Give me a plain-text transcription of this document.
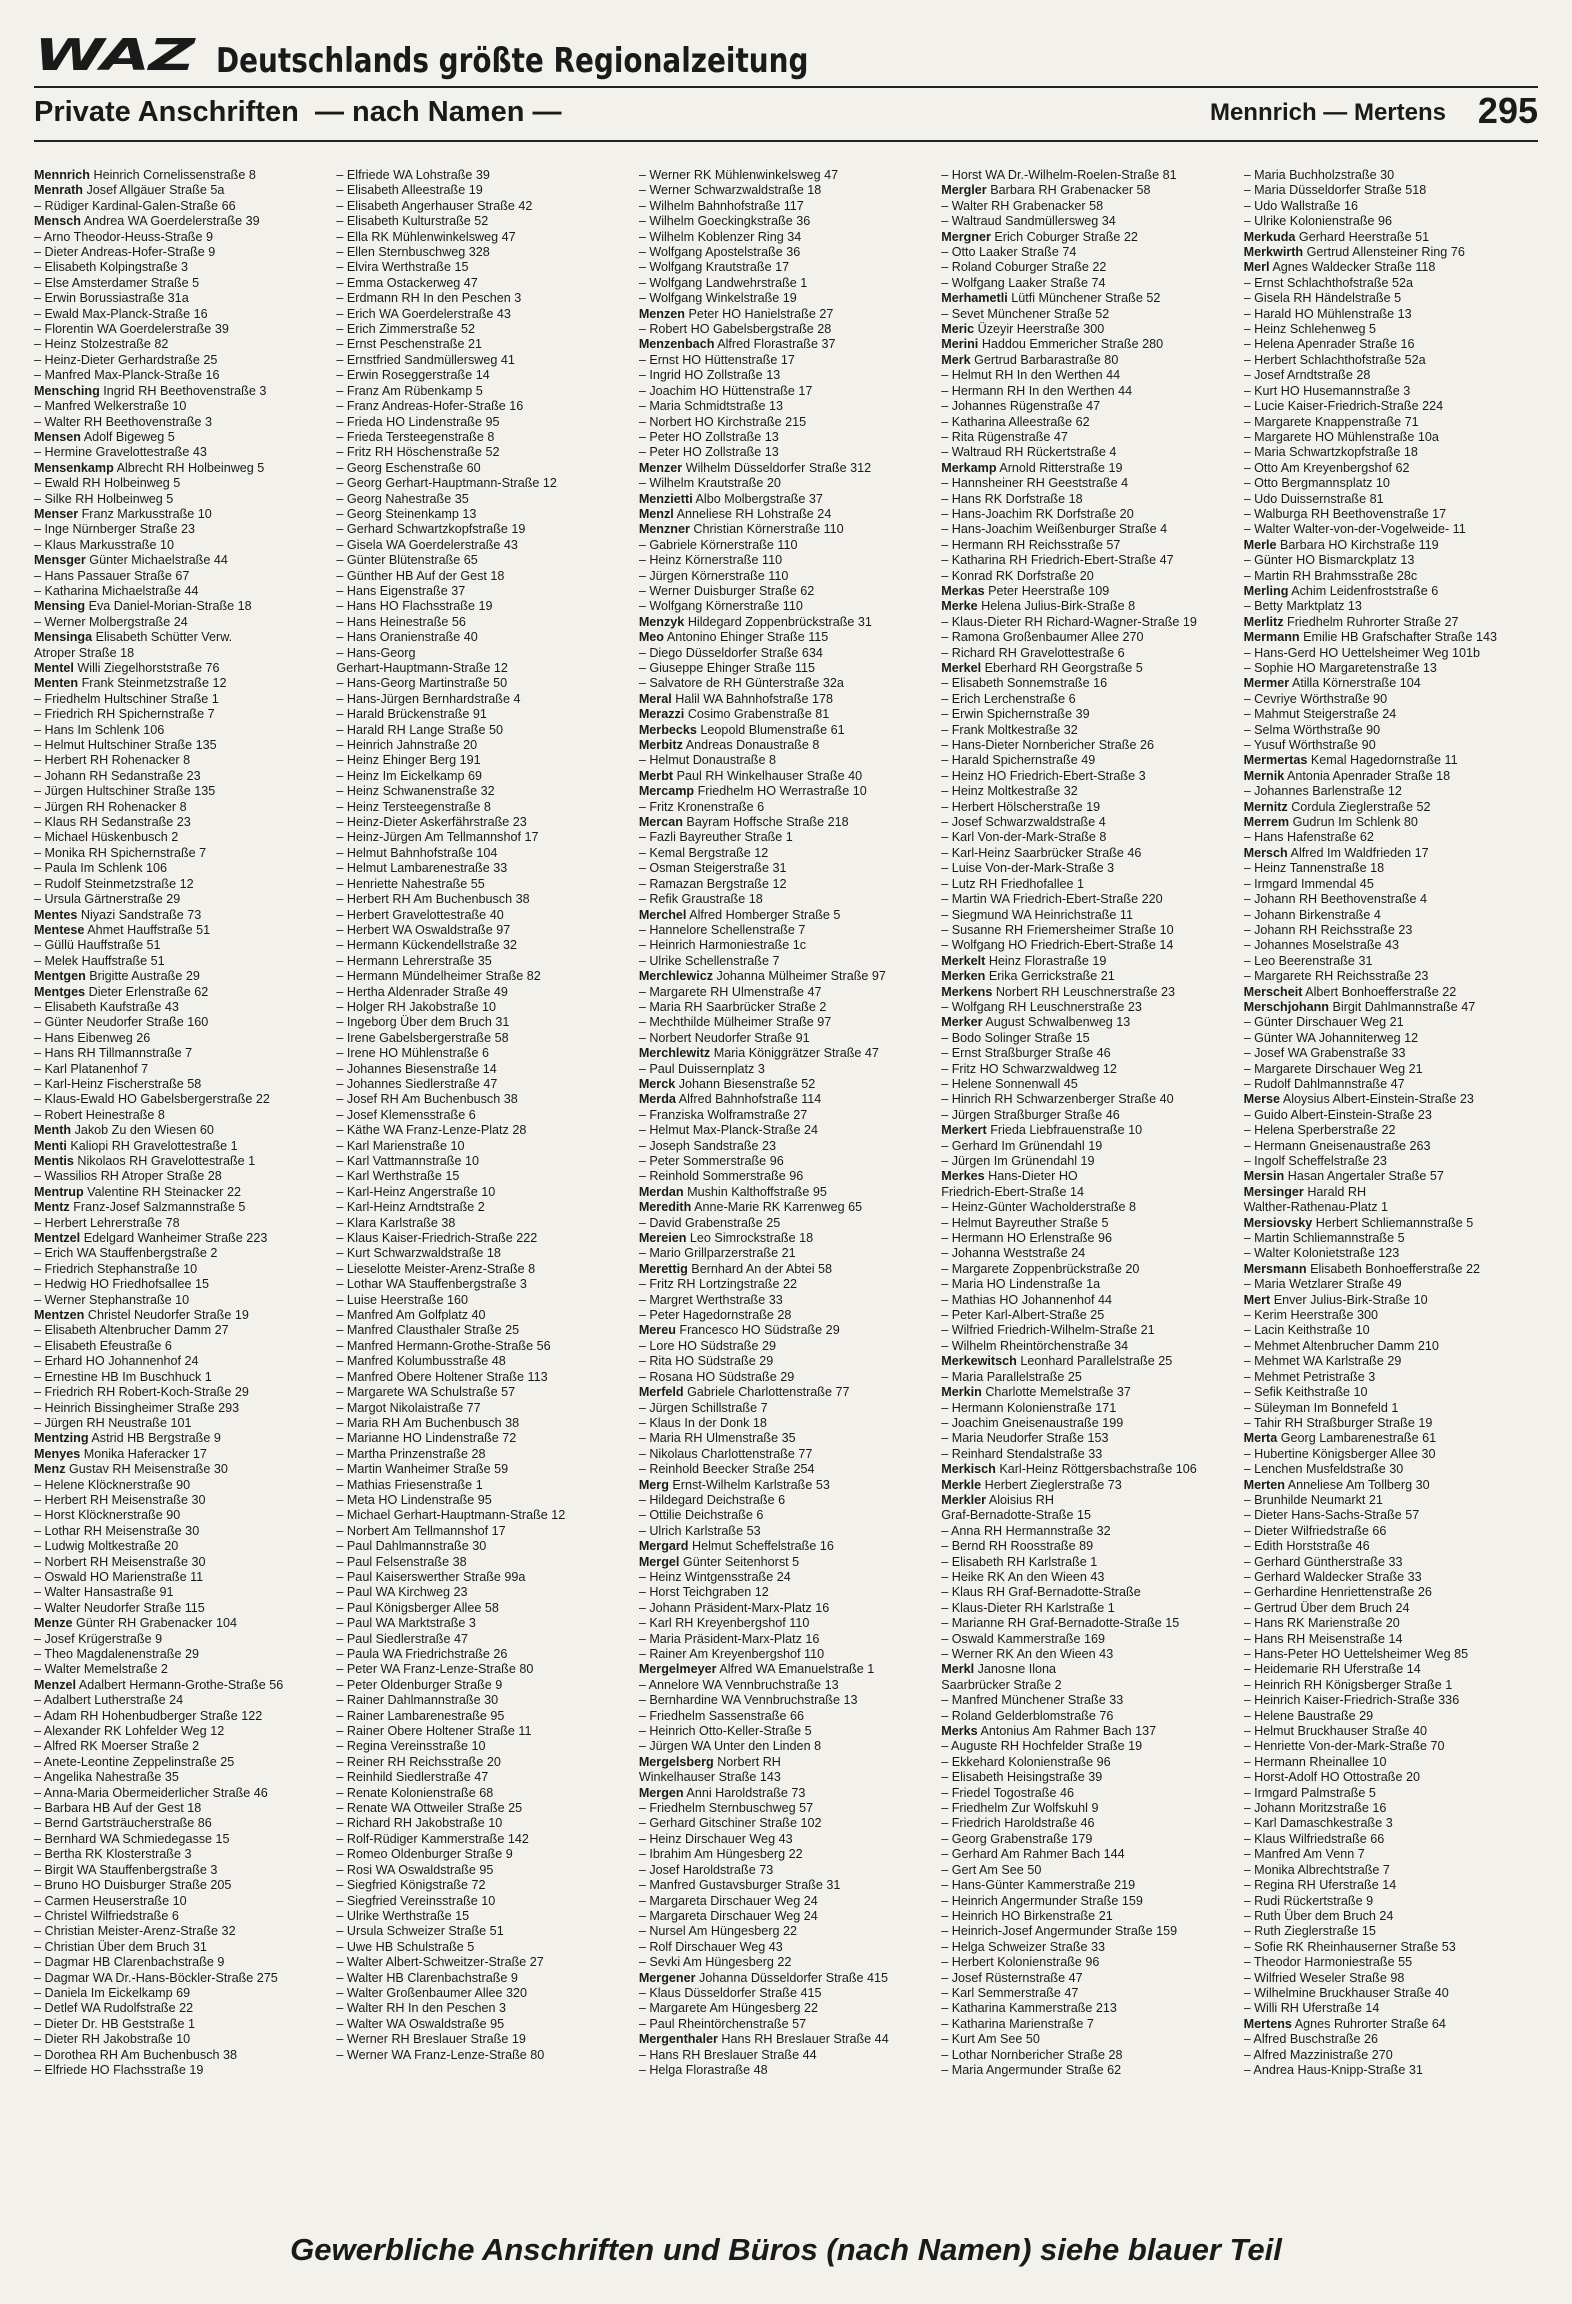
WAZ Deutschlands größte Regionalzeitung
Private Anschriften  — nach Namen —	Mennrich — Mertens 295
Mennrich Heinrich Cornelissenstraße 8
Menrath Josef Allgäuer Straße 5a
– Rüdiger Kardinal-Galen-Straße 66
Mensch Andrea WA Goerdelerstraße 39
– Arno Theodor-Heuss-Straße 9
– Dieter Andreas-Hofer-Straße 9
– Elisabeth Kolpingstraße 3
– Else Amsterdamer Straße 5
– Erwin Borussiastraße 31a
– Ewald Max-Planck-Straße 16
– Florentin WA Goerdelerstraße 39
– Heinz Stolzestraße 82
– Heinz-Dieter Gerhardstraße 25
– Manfred Max-Planck-Straße 16
Mensching Ingrid RH Beethovenstraße 3
– Manfred Welkerstraße 10
– Walter RH Beethovenstraße 3
Mensen Adolf Bigeweg 5
– Hermine Gravelottestraße 43
Mensenkamp Albrecht RH Holbeinweg 5
– Ewald RH Holbeinweg 5
– Silke RH Holbeinweg 5
Menser Franz Markusstraße 10
– Inge Nürnberger Straße 23
– Klaus Markusstraße 10
Mensger Günter Michaelstraße 44
– Hans Passauer Straße 67
– Katharina Michaelstraße 44
Mensing Eva Daniel-Morian-Straße 18
– Werner Molbergstraße 24
Mensinga Elisabeth Schütter Verw.
Atroper Straße 18
Mentel Willi Ziegelhorststraße 76
Menten Frank Steinmetzstraße 12
– Friedhelm Hultschiner Straße 1
– Friedrich RH Spichernstraße 7
– Hans Im Schlenk 106
– Helmut Hultschiner Straße 135
– Herbert RH Rohenacker 8
– Johann RH Sedanstraße 23
– Jürgen Hultschiner Straße 135
– Jürgen RH Rohenacker 8
– Klaus RH Sedanstraße 23
– Michael Hüskenbusch 2
– Monika RH Spichernstraße 7
– Paula Im Schlenk 106
– Rudolf Steinmetzstraße 12
– Ursula Gärtnerstraße 29
Mentes Niyazi Sandstraße 73
Mentese Ahmet Hauffstraße 51
– Güllü Hauffstraße 51
– Melek Hauffstraße 51
Mentgen Brigitte Austraße 29
Mentges Dieter Erlenstraße 62
– Elisabeth Kaufstraße 43
– Günter Neudorfer Straße 160
– Hans Eibenweg 26
– Hans RH Tillmannstraße 7
– Karl Platanenhof 7
– Karl-Heinz Fischerstraße 58
– Klaus-Ewald HO Gabelsbergerstraße 22
– Robert Heinestraße 8
Menth Jakob Zu den Wiesen 60
Menti Kaliopi RH Gravelottestraße 1
Mentis Nikolaos RH Gravelottestraße 1
– Wassilios RH Atroper Straße 28
Mentrup Valentine RH Steinacker 22
Mentz Franz-Josef Salzmannstraße 5
– Herbert Lehrerstraße 78
Mentzel Edelgard Wanheimer Straße 223
– Erich WA Stauffenbergstraße 2
– Friedrich Stephanstraße 10
– Hedwig HO Friedhofsallee 15
– Werner Stephanstraße 10
Mentzen Christel Neudorfer Straße 19
– Elisabeth Altenbrucher Damm 27
– Elisabeth Efeustraße 6
– Erhard HO Johannenhof 24
– Ernestine HB Im Buschhuck 1
– Friedrich RH Robert-Koch-Straße 29
– Heinrich Bissingheimer Straße 293
– Jürgen RH Neustraße 101
Mentzing Astrid HB Bergstraße 9
Menyes Monika Haferacker 17
Menz Gustav RH Meisenstraße 30
– Helene Klöcknerstraße 90
– Herbert RH Meisenstraße 30
– Horst Klöcknerstraße 90
– Lothar RH Meisenstraße 30
– Ludwig Moltkestraße 20
– Norbert RH Meisenstraße 30
– Oswald HO Marienstraße 11
– Walter Hansastraße 91
– Walter Neudorfer Straße 115
Menze Günter RH Grabenacker 104
– Josef Krügerstraße 9
– Theo Magdalenenstraße 29
– Walter Memelstraße 2
Menzel Adalbert Hermann-Grothe-Straße 56
– Adalbert Lutherstraße 24
– Adam RH Hohenbudberger Straße 122
– Alexander RK Lohfelder Weg 12
– Alfred RK Moerser Straße 2
– Anete-Leontine Zeppelinstraße 25
– Angelika Nahestraße 35
– Anna-Maria Obermeiderlicher Straße 46
– Barbara HB Auf der Gest 18
– Bernd Gartsträucherstraße 86
– Bernhard WA Schmiedegasse 15
– Bertha RK Klosterstraße 3
– Birgit WA Stauffenbergstraße 3
– Bruno HO Duisburger Straße 205
– Carmen Heuserstraße 10
– Christel Wilfriedstraße 6
– Christian Meister-Arenz-Straße 32
– Christian Über dem Bruch 31
– Dagmar HB Clarenbachstraße 9
– Dagmar WA Dr.-Hans-Böckler-Straße 275
– Daniela Im Eickelkamp 69
– Detlef WA Rudolfstraße 22
– Dieter Dr. HB Geststraße 1
– Dieter RH Jakobstraße 10
– Dorothea RH Am Buchenbusch 38
– Elfriede HO Flachsstraße 19
– Elfriede WA Lohstraße 39
– Elisabeth Alleestraße 19
– Elisabeth Angerhauser Straße 42
– Elisabeth Kulturstraße 52
– Ella RK Mühlenwinkelsweg 47
– Ellen Sternbuschweg 328
– Elvira Werthstraße 15
– Emma Ostackerweg 47
– Erdmann RH In den Peschen 3
– Erich WA Goerdelerstraße 43
– Erich Zimmerstraße 52
– Ernst Peschenstraße 21
– Ernstfried Sandmüllersweg 41
– Erwin Roseggerstraße 14
– Franz Am Rübenkamp 5
– Franz Andreas-Hofer-Straße 16
– Frieda HO Lindenstraße 95
– Frieda Tersteegenstraße 8
– Fritz RH Höschenstraße 52
– Georg Eschenstraße 60
– Georg Gerhart-Hauptmann-Straße 12
– Georg Nahestraße 35
– Georg Steinenkamp 13
– Gerhard Schwartzkopfstraße 19
– Gisela WA Goerdelerstraße 43
– Günter Blütenstraße 65
– Günther HB Auf der Gest 18
– Hans Eigenstraße 37
– Hans HO Flachsstraße 19
– Hans Heinestraße 56
– Hans Oranienstraße 40
– Hans-Georg
Gerhart-Hauptmann-Straße 12
– Hans-Georg Martinstraße 50
– Hans-Jürgen Bernhardstraße 4
– Harald Brückenstraße 91
– Harald RH Lange Straße 50
– Heinrich Jahnstraße 20
– Heinz Ehinger Berg 191
– Heinz Im Eickelkamp 69
– Heinz Schwanenstraße 32
– Heinz Tersteegenstraße 8
– Heinz-Dieter Askerfährstraße 23
– Heinz-Jürgen Am Tellmannshof 17
– Helmut Bahnhofstraße 104
– Helmut Lambarenestraße 33
– Henriette Nahestraße 55
– Herbert RH Am Buchenbusch 38
– Herbert Gravelottestraße 40
– Herbert WA Oswaldstraße 97
– Hermann Kückendellstraße 32
– Hermann Lehrerstraße 35
– Hermann Mündelheimer Straße 82
– Hertha Aldenrader Straße 49
– Holger RH Jakobstraße 10
– Ingeborg Über dem Bruch 31
– Irene Gabelsbergerstraße 58
– Irene HO Mühlenstraße 6
– Johannes Biesenstraße 14
– Johannes Siedlerstraße 47
– Josef RH Am Buchenbusch 38
– Josef Klemensstraße 6
– Käthe WA Franz-Lenze-Platz 28
– Karl Marienstraße 10
– Karl Vattmannstraße 10
– Karl Werthstraße 15
– Karl-Heinz Angerstraße 10
– Karl-Heinz Arndtstraße 2
– Klara Karlstraße 38
– Klaus Kaiser-Friedrich-Straße 222
– Kurt Schwarzwaldstraße 18
– Lieselotte Meister-Arenz-Straße 8
– Lothar WA Stauffenbergstraße 3
– Luise Heerstraße 160
– Manfred Am Golfplatz 40
– Manfred Clausthaler Straße 25
– Manfred Hermann-Grothe-Straße 56
– Manfred Kolumbusstraße 48
– Manfred Obere Holtener Straße 113
– Margarete WA Schulstraße 57
– Margot Nikolaistraße 77
– Maria RH Am Buchenbusch 38
– Marianne HO Lindenstraße 72
– Martha Prinzenstraße 28
– Martin Wanheimer Straße 59
– Mathias Friesenstraße 1
– Meta HO Lindenstraße 95
– Michael Gerhart-Hauptmann-Straße 12
– Norbert Am Tellmannshof 17
– Paul Dahlmannstraße 30
– Paul Felsenstraße 38
– Paul Kaiserswerther Straße 99a
– Paul WA Kirchweg 23
– Paul Königsberger Allee 58
– Paul WA Marktstraße 3
– Paul Siedlerstraße 47
– Paula WA Friedrichstraße 26
– Peter WA Franz-Lenze-Straße 80
– Peter Oldenburger Straße 9
– Rainer Dahlmannstraße 30
– Rainer Lambarenestraße 95
– Rainer Obere Holtener Straße 11
– Regina Vereinsstraße 10
– Reiner RH Reichsstraße 20
– Reinhild Siedlerstraße 47
– Renate Kolonienstraße 68
– Renate WA Ottweiler Straße 25
– Richard RH Jakobstraße 10
– Rolf-Rüdiger Kammerstraße 142
– Romeo Oldenburger Straße 9
– Rosi WA Oswaldstraße 95
– Siegfried Königstraße 72
– Siegfried Vereinsstraße 10
– Ulrike Werthstraße 15
– Ursula Schweizer Straße 51
– Uwe HB Schulstraße 5
– Walter Albert-Schweitzer-Straße 27
– Walter HB Clarenbachstraße 9
– Walter Großenbaumer Allee 320
– Walter RH In den Peschen 3
– Walter WA Oswaldstraße 95
– Werner RH Breslauer Straße 19
– Werner WA Franz-Lenze-Straße 80
– Werner RK Mühlenwinkelsweg 47
– Werner Schwarzwaldstraße 18
– Wilhelm Bahnhofstraße 117
– Wilhelm Goeckingkstraße 36
– Wilhelm Koblenzer Ring 34
– Wolfgang Apostelstraße 36
– Wolfgang Krautstraße 17
– Wolfgang Landwehrstraße 1
– Wolfgang Winkelstraße 19
Menzen Peter HO Hanielstraße 27
– Robert HO Gabelsbergstraße 28
Menzenbach Alfred Florastraße 37
– Ernst HO Hüttenstraße 17
– Ingrid HO Zollstraße 13
– Joachim HO Hüttenstraße 17
– Maria Schmidtstraße 13
– Norbert HO Kirchstraße 215
– Peter HO Zollstraße 13
– Peter HO Zollstraße 13
Menzer Wilhelm Düsseldorfer Straße 312
– Wilhelm Krautstraße 20
Menzietti Albo Molbergstraße 37
Menzl Anneliese RH Lohstraße 24
Menzner Christian Körnerstraße 110
– Gabriele Körnerstraße 110
– Heinz Körnerstraße 110
– Jürgen Körnerstraße 110
– Werner Duisburger Straße 62
– Wolfgang Körnerstraße 110
Menzyk Hildegard Zoppenbrückstraße 31
Meo Antonino Ehinger Straße 115
– Diego Düsseldorfer Straße 634
– Giuseppe Ehinger Straße 115
– Salvatore de RH Günterstraße 32a
Meral Halil WA Bahnhofstraße 178
Merazzi Cosimo Grabenstraße 81
Merbecks Leopold Blumenstraße 61
Merbitz Andreas Donaustraße 8
– Helmut Donaustraße 8
Merbt Paul RH Winkelhauser Straße 40
Mercamp Friedhelm HO Werrastraße 10
– Fritz Kronenstraße 6
Mercan Bayram Hoffsche Straße 218
– Fazli Bayreuther Straße 1
– Kemal Bergstraße 12
– Osman Steigerstraße 31
– Ramazan Bergstraße 12
– Refik Graustraße 18
Merchel Alfred Homberger Straße 5
– Hannelore Schellenstraße 7
– Heinrich Harmoniestraße 1c
– Ulrike Schellenstraße 7
Merchlewicz Johanna Mülheimer Straße 97
– Margarete RH Ulmenstraße 47
– Maria RH Saarbrücker Straße 2
– Mechthilde Mülheimer Straße 97
– Norbert Neudorfer Straße 91
Merchlewitz Maria Königgrätzer Straße 47
– Paul Duissernplatz 3
Merck Johann Biesenstraße 52
Merda Alfred Bahnhofstraße 114
– Franziska Wolframstraße 27
– Helmut Max-Planck-Straße 24
– Joseph Sandstraße 23
– Peter Sommerstraße 96
– Reinhold Sommerstraße 96
Merdan Mushin Kalthoffstraße 95
Meredith Anne-Marie RK Karrenweg 65
– David Grabenstraße 25
Mereien Leo Simrockstraße 18
– Mario Grillparzerstraße 21
Merettig Bernhard An der Abtei 58
– Fritz RH Lortzingstraße 22
– Margret Werthstraße 33
– Peter Hagedornstraße 28
Mereu Francesco HO Südstraße 29
– Lore HO Südstraße 29
– Rita HO Südstraße 29
– Rosana HO Südstraße 29
Merfeld Gabriele Charlottenstraße 77
– Jürgen Schillstraße 7
– Klaus In der Donk 18
– Maria RH Ulmenstraße 35
– Nikolaus Charlottenstraße 77
– Reinhold Beecker Straße 254
Merg Ernst-Wilhelm Karlstraße 53
– Hildegard Deichstraße 6
– Ottilie Deichstraße 6
– Ulrich Karlstraße 53
Mergard Helmut Scheffelstraße 16
Mergel Günter Seitenhorst 5
– Heinz Wintgensstraße 24
– Horst Teichgraben 12
– Johann Präsident-Marx-Platz 16
– Karl RH Kreyenbergshof 110
– Maria Präsident-Marx-Platz 16
– Rainer Am Kreyenbergshof 110
Mergelmeyer Alfred WA Emanuelstraße 1
– Annelore WA Vennbruchstraße 13
– Bernhardine WA Vennbruchstraße 13
– Friedhelm Sassenstraße 66
– Heinrich Otto-Keller-Straße 5
– Jürgen WA Unter den Linden 8
Mergelsberg Norbert RH
Winkelhauser Straße 143
Mergen Anni Haroldstraße 73
– Friedhelm Sternbuschweg 57
– Gerhard Gitschiner Straße 102
– Heinz Dirschauer Weg 43
– Ibrahim Am Hüngesberg 22
– Josef Haroldstraße 73
– Manfred Gustavsburger Straße 31
– Margareta Dirschauer Weg 24
– Margareta Dirschauer Weg 24
– Nursel Am Hüngesberg 22
– Rolf Dirschauer Weg 43
– Sevki Am Hüngesberg 22
Mergener Johanna Düsseldorfer Straße 415
– Klaus Düsseldorfer Straße 415
– Margarete Am Hüngesberg 22
– Paul Rheintörchenstraße 57
Mergenthaler Hans RH Breslauer Straße 44
– Hans RH Breslauer Straße 44
– Helga Florastraße 48
– Horst WA Dr.-Wilhelm-Roelen-Straße 81
Mergler Barbara RH Grabenacker 58
– Walter RH Grabenacker 58
– Waltraud Sandmüllersweg 34
Mergner Erich Coburger Straße 22
– Otto Laaker Straße 74
– Roland Coburger Straße 22
– Wolfgang Laaker Straße 74
Merhametli Lütfi Münchener Straße 52
– Sevet Münchener Straße 52
Meric Üzeyir Heerstraße 300
Merini Haddou Emmericher Straße 280
Merk Gertrud Barbarastraße 80
– Helmut RH In den Werthen 44
– Hermann RH In den Werthen 44
– Johannes Rügenstraße 47
– Katharina Alleestraße 62
– Rita Rügenstraße 47
– Waltraud RH Rückertstraße 4
Merkamp Arnold Ritterstraße 19
– Hannsheiner RH Geeststraße 4
– Hans RK Dorfstraße 18
– Hans-Joachim RK Dorfstraße 20
– Hans-Joachim Weißenburger Straße 4
– Hermann RH Reichsstraße 57
– Katharina RH Friedrich-Ebert-Straße 47
– Konrad RK Dorfstraße 20
Merkas Peter Heerstraße 109
Merke Helena Julius-Birk-Straße 8
– Klaus-Dieter RH Richard-Wagner-Straße 19
– Ramona Großenbaumer Allee 270
– Richard RH Gravelottestraße 6
Merkel Eberhard RH Georgstraße 5
– Elisabeth Sonnemstraße 16
– Erich Lerchenstraße 6
– Erwin Spichernstraße 39
– Frank Moltkestraße 32
– Hans-Dieter Nornbericher Straße 26
– Harald Spichernstraße 49
– Heinz HO Friedrich-Ebert-Straße 3
– Heinz Moltkestraße 32
– Herbert Hölscherstraße 19
– Josef Schwarzwaldstraße 4
– Karl Von-der-Mark-Straße 8
– Karl-Heinz Saarbrücker Straße 46
– Luise Von-der-Mark-Straße 3
– Lutz RH Friedhofallee 1
– Martin WA Friedrich-Ebert-Straße 220
– Siegmund WA Heinrichstraße 11
– Susanne RH Friemersheimer Straße 10
– Wolfgang HO Friedrich-Ebert-Straße 14
Merkelt Heinz Florastraße 19
Merken Erika Gerrickstraße 21
Merkens Norbert RH Leuschnerstraße 23
– Wolfgang RH Leuschnerstraße 23
Merker August Schwalbenweg 13
– Bodo Solinger Straße 15
– Ernst Straßburger Straße 46
– Fritz HO Schwarzwaldweg 12
– Helene Sonnenwall 45
– Hinrich RH Schwarzenberger Straße 40
– Jürgen Straßburger Straße 46
Merkert Frieda Liebfrauenstraße 10
– Gerhard Im Grünendahl 19
– Jürgen Im Grünendahl 19
Merkes Hans-Dieter HO
Friedrich-Ebert-Straße 14
– Heinz-Günter Wacholderstraße 8
– Helmut Bayreuther Straße 5
– Hermann HO Erlenstraße 96
– Johanna Weststraße 24
– Margarete Zoppenbrückstraße 20
– Maria HO Lindenstraße 1a
– Mathias HO Johannenhof 44
– Peter Karl-Albert-Straße 25
– Wilfried Friedrich-Wilhelm-Straße 21
– Wilhelm Rheintörchenstraße 34
Merkewitsch Leonhard Parallelstraße 25
– Maria Parallelstraße 25
Merkin Charlotte Memelstraße 37
– Hermann Kolonienstraße 171
– Joachim Gneisenaustraße 199
– Maria Neudorfer Straße 153
– Reinhard Stendalstraße 33
Merkisch Karl-Heinz Röttgersbachstraße 106
Merkle Herbert Zieglerstraße 73
Merkler Aloisius RH
Graf-Bernadotte-Straße 15
– Anna RH Hermannstraße 32
– Bernd RH Roosstraße 89
– Elisabeth RH Karlstraße 1
– Heike RK An den Wieen 43
– Klaus RH Graf-Bernadotte-Straße
– Klaus-Dieter RH Karlstraße 1
– Marianne RH Graf-Bernadotte-Straße 15
– Oswald Kammerstraße 169
– Werner RK An den Wieen 43
Merkl Janosne Ilona
Saarbrücker Straße 2
– Manfred Münchener Straße 33
– Roland Gelderblomstraße 76
Merks Antonius Am Rahmer Bach 137
– Auguste RH Hochfelder Straße 19
– Ekkehard Kolonienstraße 96
– Elisabeth Heisingstraße 39
– Friedel Togostraße 46
– Friedhelm Zur Wolfskuhl 9
– Friedrich Haroldstraße 46
– Georg Grabenstraße 179
– Gerhard Am Rahmer Bach 144
– Gert Am See 50
– Hans-Günter Kammerstraße 219
– Heinrich Angermunder Straße 159
– Heinrich HO Birkenstraße 21
– Heinrich-Josef Angermunder Straße 159
– Helga Schweizer Straße 33
– Herbert Kolonienstraße 96
– Josef Rüsternstraße 47
– Karl Semmerstraße 47
– Katharina Kammerstraße 213
– Katharina Marienstraße 7
– Kurt Am See 50
– Lothar Nornbericher Straße 28
– Maria Angermunder Straße 62
– Maria Buchholzstraße 30
– Maria Düsseldorfer Straße 518
– Udo Wallstraße 16
– Ulrike Kolonienstraße 96
Merkuda Gerhard Heerstraße 51
Merkwirth Gertrud Allensteiner Ring 76
Merl Agnes Waldecker Straße 118
– Ernst Schlachthofstraße 52a
– Gisela RH Händelstraße 5
– Harald HO Mühlenstraße 13
– Heinz Schlehenweg 5
– Helena Apenrader Straße 16
– Herbert Schlachthofstraße 52a
– Josef Arndtstraße 28
– Kurt HO Husemannstraße 3
– Lucie Kaiser-Friedrich-Straße 224
– Margarete Knappenstraße 71
– Margarete HO Mühlenstraße 10a
– Maria Schwartzkopfstraße 18
– Otto Am Kreyenbergshof 62
– Otto Bergmannsplatz 10
– Udo Duissernstraße 81
– Walburga RH Beethovenstraße 17
– Walter Walter-von-der-Vogelweide- 11
Merle Barbara HO Kirchstraße 119
– Günter HO Bismarckplatz 13
– Martin RH Brahmsstraße 28c
Merling Achim Leidenfroststraße 6
– Betty Marktplatz 13
Merlitz Friedhelm Ruhrorter Straße 27
Mermann Emilie HB Grafschafter Straße 143
– Hans-Gerd HO Uettelsheimer Weg 101b
– Sophie HO Margaretenstraße 13
Mermer Atilla Körnerstraße 104
– Cevriye Wörthstraße 90
– Mahmut Steigerstraße 24
– Selma Wörthstraße 90
– Yusuf Wörthstraße 90
Mermertas Kemal Hagedornstraße 11
Mernik Antonia Apenrader Straße 18
– Johannes Barlenstraße 12
Mernitz Cordula Zieglerstraße 52
Merrem Gudrun Im Schlenk 80
– Hans Hafenstraße 62
Mersch Alfred Im Waldfrieden 17
– Heinz Tannenstraße 18
– Irmgard Immendal 45
– Johann RH Beethovenstraße 4
– Johann Birkenstraße 4
– Johann RH Reichsstraße 23
– Johannes Moselstraße 43
– Leo Beerenstraße 31
– Margarete RH Reichsstraße 23
Merscheit Albert Bonhoefferstraße 22
Merschjohann Birgit Dahlmannstraße 47
– Günter Dirschauer Weg 21
– Günter WA Johanniterweg 12
– Josef WA Grabenstraße 33
– Margarete Dirschauer Weg 21
– Rudolf Dahlmannstraße 47
Merse Aloysius Albert-Einstein-Straße 23
– Guido Albert-Einstein-Straße 23
– Helena Sperberstraße 22
– Hermann Gneisenaustraße 263
– Ingolf Scheffelstraße 23
Mersin Hasan Angertaler Straße 57
Mersinger Harald RH
Walther-Rathenau-Platz 1
Mersiovsky Herbert Schliemannstraße 5
– Martin Schliemannstraße 5
– Walter Kolonietstraße 123
Mersmann Elisabeth Bonhoefferstraße 22
– Maria Wetzlarer Straße 49
Mert Enver Julius-Birk-Straße 10
– Kerim Heerstraße 300
– Lacin Keithstraße 10
– Mehmet Altenbrucher Damm 210
– Mehmet WA Karlstraße 29
– Mehmet Petristraße 3
– Sefik Keithstraße 10
– Süleyman Im Bonnefeld 1
– Tahir RH Straßburger Straße 19
Merta Georg Lambarenestraße 61
– Hubertine Königsberger Allee 30
– Lenchen Musfeldstraße 30
Merten Anneliese Am Tollberg 30
– Brunhilde Neumarkt 21
– Dieter Hans-Sachs-Straße 57
– Dieter Wilfriedstraße 66
– Edith Horststraße 46
– Gerhard Güntherstraße 33
– Gerhard Waldecker Straße 33
– Gerhardine Henriettenstraße 26
– Gertrud Über dem Bruch 24
– Hans RK Marienstraße 20
– Hans RH Meisenstraße 14
– Hans-Peter HO Uettelsheimer Weg 85
– Heidemarie RH Uferstraße 14
– Heinrich RH Königsberger Straße 1
– Heinrich Kaiser-Friedrich-Straße 336
– Helene Baustraße 29
– Helmut Bruckhauser Straße 40
– Henriette Von-der-Mark-Straße 70
– Hermann Rheinallee 10
– Horst-Adolf HO Ottostraße 20
– Irmgard Palmstraße 5
– Johann Moritzstraße 16
– Karl Damaschkestraße 3
– Klaus Wilfriedstraße 66
– Manfred Am Venn 7
– Monika Albrechtstraße 7
– Regina RH Uferstraße 14
– Rudi Rückertstraße 9
– Ruth Über dem Bruch 24
– Ruth Zieglerstraße 15
– Sofie RK Rheinhauserner Straße 53
– Theodor Harmoniestraße 55
– Wilfried Weseler Straße 98
– Wilhelmine Bruckhauser Straße 40
– Willi RH Uferstraße 14
Mertens Agnes Ruhrorter Straße 64
– Alfred Buschstraße 26
– Alfred Mazzinistraße 270
– Andrea Haus-Knipp-Straße 31
Gewerbliche Anschriften und Büros (nach Namen) siehe blauer Teil
